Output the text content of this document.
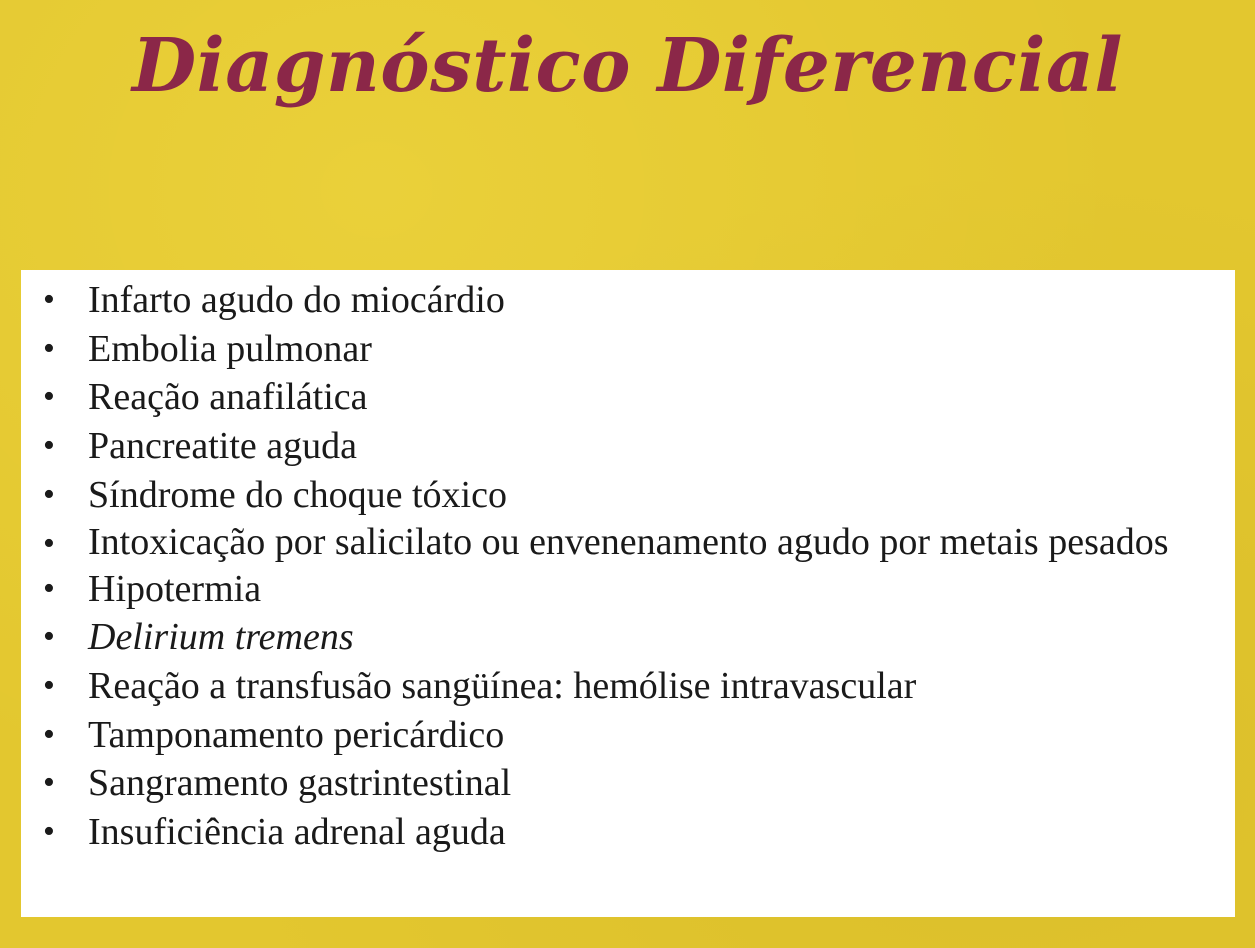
Diagnóstico Diferencial
• Infarto agudo do miocárdio
• Embolia pulmonar
• Reação anafilática
• Pancreatite aguda
• Síndrome do choque tóxico
• Intoxicação por salicilato ou envenenamento agudo por metais pesados
• Hipotermia
• Delirium tremens
• Reação a transfusão sangüínea: hemólise intravascular
• Tamponamento pericárdico
• Sangramento gastrintestinal
• Insuficiência adrenal aguda
